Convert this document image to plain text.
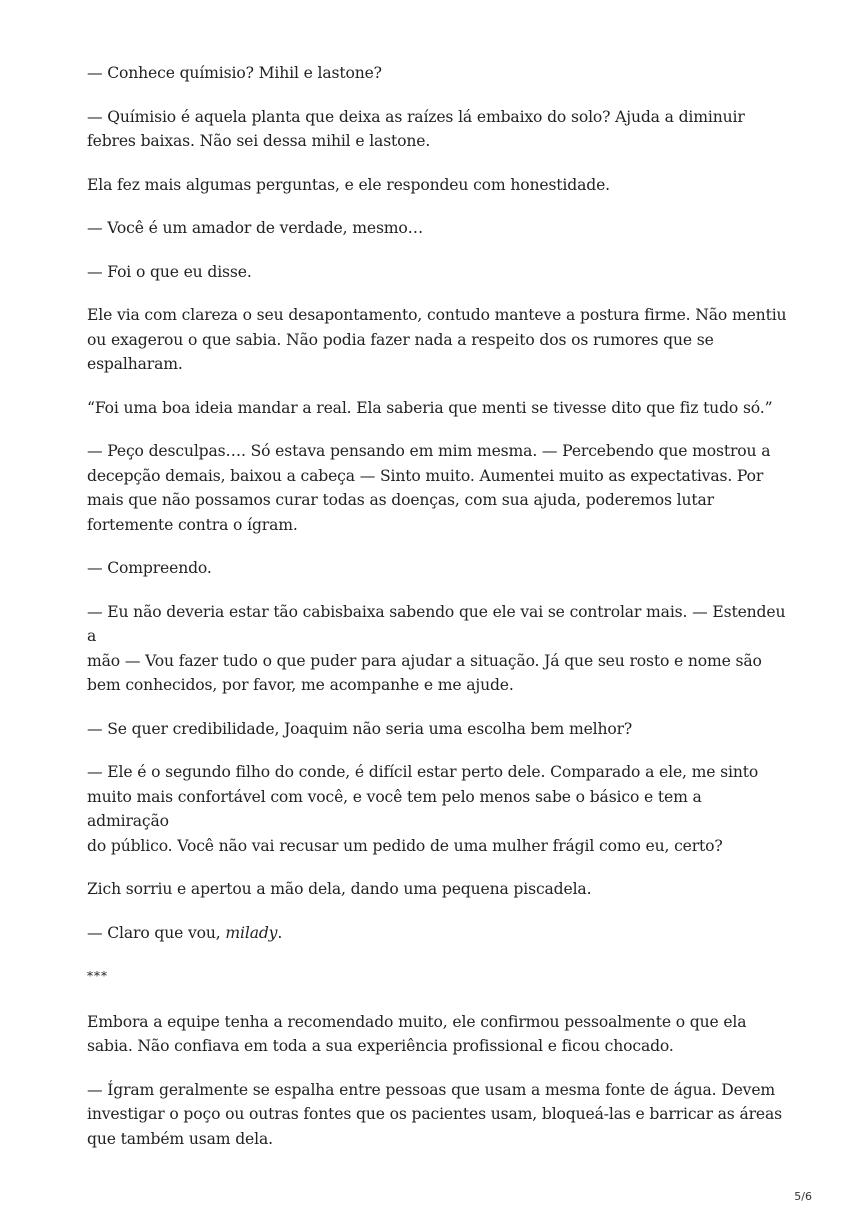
— Conhece químisio? Mihil e lastone?

— Químisio é aquela planta que deixa as raízes lá embaixo do solo? Ajuda a diminuir
febres baixas. Não sei dessa mihil e lastone.

Ela fez mais algumas perguntas, e ele respondeu com honestidade.

— Você é um amador de verdade, mesmo…

— Foi o que eu disse.

Ele via com clareza o seu desapontamento, contudo manteve a postura firme. Não mentiu
ou exagerou o que sabia. Não podia fazer nada a respeito dos os rumores que se
espalharam.

“Foi uma boa ideia mandar a real. Ela saberia que menti se tivesse dito que fiz tudo só.”

— Peço desculpas…. Só estava pensando em mim mesma. — Percebendo que mostrou a
decepção demais, baixou a cabeça — Sinto muito. Aumentei muito as expectativas. Por
mais que não possamos curar todas as doenças, com sua ajuda, poderemos lutar
fortemente contra o ígram.

— Compreendo.

— Eu não deveria estar tão cabisbaixa sabendo que ele vai se controlar mais. — Estendeu a
mão — Vou fazer tudo o que puder para ajudar a situação. Já que seu rosto e nome são
bem conhecidos, por favor, me acompanhe e me ajude.

— Se quer credibilidade, Joaquim não seria uma escolha bem melhor?

— Ele é o segundo filho do conde, é difícil estar perto dele. Comparado a ele, me sinto
muito mais confortável com você, e você tem pelo menos sabe o básico e tem a admiração
do público. Você não vai recusar um pedido de uma mulher frágil como eu, certo?

Zich sorriu e apertou a mão dela, dando uma pequena piscadela.

— Claro que vou, milady.

***

Embora a equipe tenha a recomendado muito, ele confirmou pessoalmente o que ela
sabia. Não confiava em toda a sua experiência profissional e ficou chocado.

— Ígram geralmente se espalha entre pessoas que usam a mesma fonte de água. Devem
investigar o poço ou outras fontes que os pacientes usam, bloqueá-las e barricar as áreas
que também usam dela.

5/6
